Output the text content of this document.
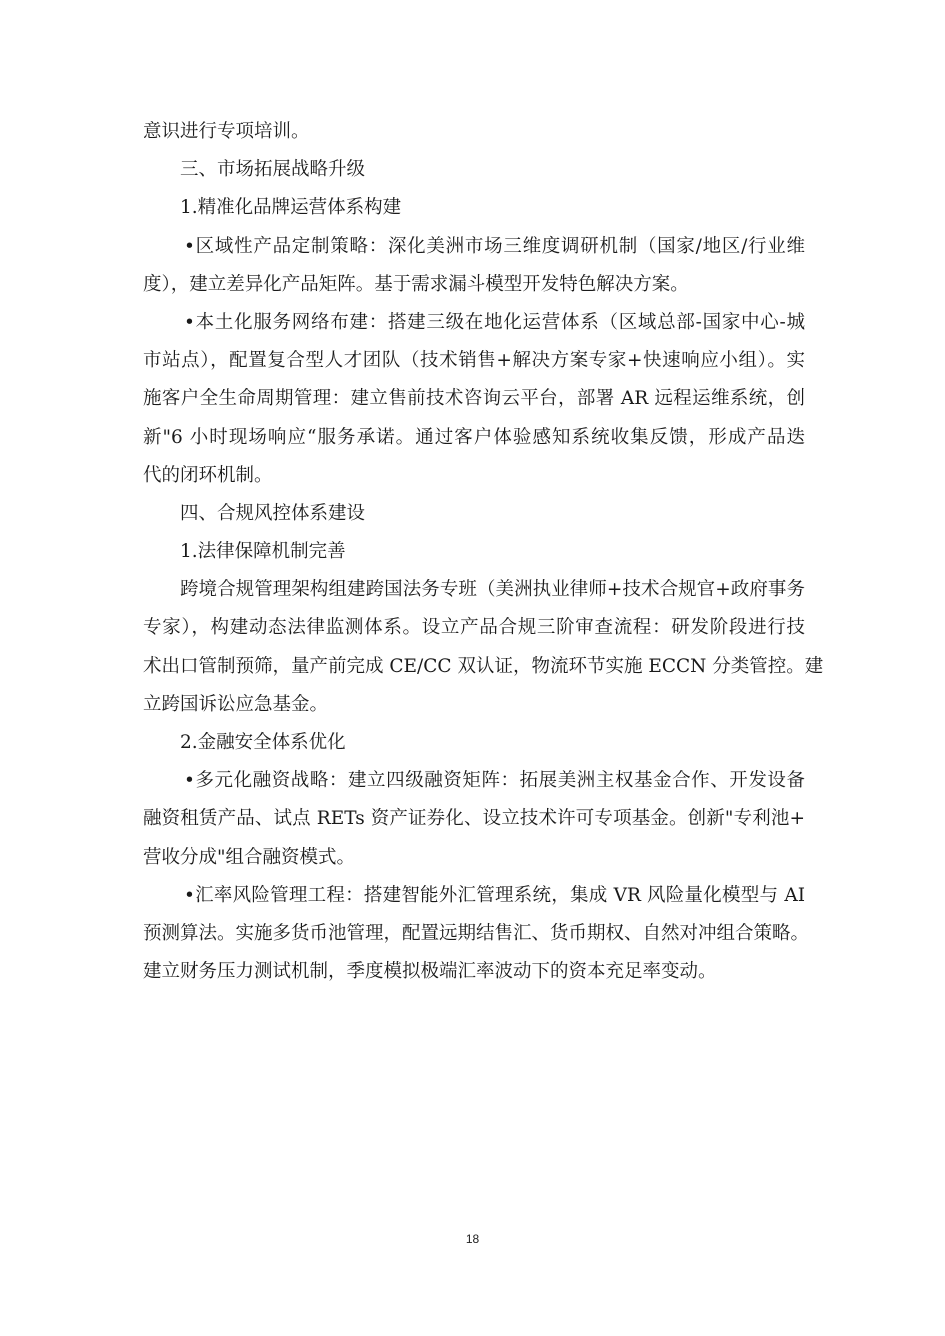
意识进行专项培训。
三、市场拓展战略升级
1.精准化品牌运营体系构建
•区域性产品定制策略：深化美洲市场三维度调研机制（国家/地区/行业维
度），建立差异化产品矩阵。基于需求漏斗模型开发特色解决方案。
•本土化服务网络布建：搭建三级在地化运营体系（区域总部-国家中心-城
市站点），配置复合型人才团队（技术销售+解决方案专家+快速响应小组）。实
施客户全生命周期管理：建立售前技术咨询云平台，部署 AR 远程运维系统，创
新"6 小时现场响应“服务承诺。通过客户体验感知系统收集反馈，形成产品迭
代的闭环机制。
四、合规风控体系建设
1.法律保障机制完善
跨境合规管理架构组建跨国法务专班（美洲执业律师+技术合规官+政府事务
专家），构建动态法律监测体系。设立产品合规三阶审查流程：研发阶段进行技
术出口管制预筛，量产前完成 CE/CC 双认证，物流环节实施 ECCN 分类管控。建
立跨国诉讼应急基金。
2.金融安全体系优化
•多元化融资战略：建立四级融资矩阵：拓展美洲主权基金合作、开发设备
融资租赁产品、试点 RETs 资产证券化、设立技术许可专项基金。创新"专利池+
营收分成"组合融资模式。
•汇率风险管理工程：搭建智能外汇管理系统，集成 VR 风险量化模型与 AI
预测算法。实施多货币池管理，配置远期结售汇、货币期权、自然对冲组合策略。
建立财务压力测试机制，季度模拟极端汇率波动下的资本充足率变动。
18
